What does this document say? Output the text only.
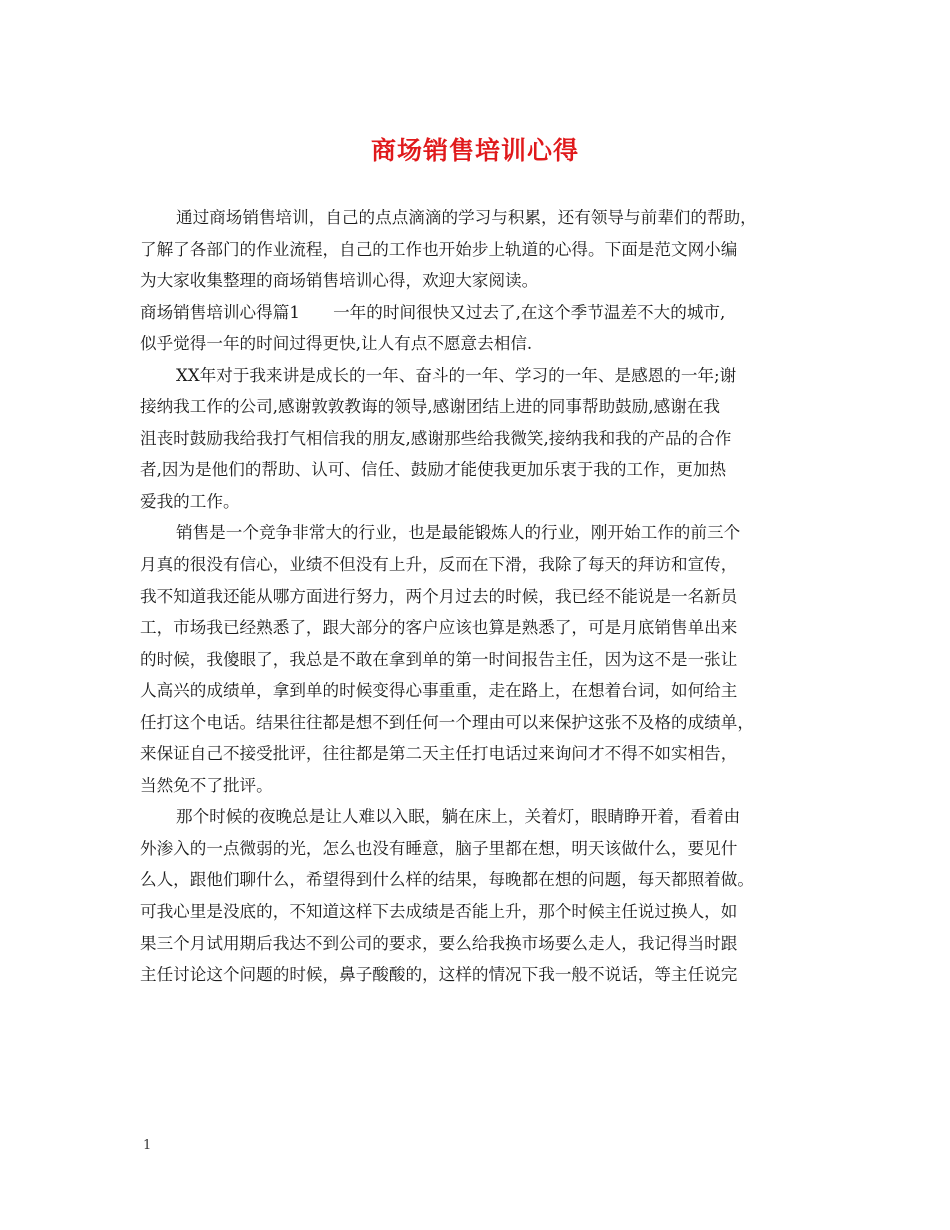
商场销售培训心得

通过商场销售培训，自己的点点滴滴的学习与积累，还有领导与前辈们的帮助，

了解了各部门的作业流程，自己的工作也开始步上轨道的心得。下面是范文网小编

为大家收集整理的商场销售培训心得，欢迎大家阅读。

商场销售培训心得篇1　　一年的时间很快又过去了,在这个季节温差不大的城市,

似乎觉得一年的时间过得更快,让人有点不愿意去相信.

XX年对于我来讲是成长的一年、奋斗的一年、学习的一年、是感恩的一年;谢

接纳我工作的公司,感谢敦敦教诲的领导,感谢团结上进的同事帮助鼓励,感谢在我

沮丧时鼓励我给我打气相信我的朋友,感谢那些给我微笑,接纳我和我的产品的合作

者,因为是他们的帮助、认可、信任、鼓励才能使我更加乐衷于我的工作，更加热

爱我的工作。

销售是一个竞争非常大的行业，也是最能锻炼人的行业，刚开始工作的前三个

月真的很没有信心，业绩不但没有上升，反而在下滑，我除了每天的拜访和宣传，

我不知道我还能从哪方面进行努力，两个月过去的时候，我已经不能说是一名新员

工，市场我已经熟悉了，跟大部分的客户应该也算是熟悉了，可是月底销售单出来

的时候，我傻眼了，我总是不敢在拿到单的第一时间报告主任，因为这不是一张让

人高兴的成绩单，拿到单的时候变得心事重重，走在路上，在想着台词，如何给主

任打这个电话。结果往往都是想不到任何一个理由可以来保护这张不及格的成绩单，

来保证自己不接受批评，往往都是第二天主任打电话过来询问才不得不如实相告，

当然免不了批评。

那个时候的夜晚总是让人难以入眠，躺在床上，关着灯，眼睛睁开着，看着由

外渗入的一点微弱的光，怎么也没有睡意，脑子里都在想，明天该做什么，要见什

么人，跟他们聊什么，希望得到什么样的结果，每晚都在想的问题，每天都照着做。

可我心里是没底的，不知道这样下去成绩是否能上升，那个时候主任说过换人，如

果三个月试用期后我达不到公司的要求，要么给我换市场要么走人，我记得当时跟

主任讨论这个问题的时候，鼻子酸酸的，这样的情况下我一般不说话，等主任说完

1
